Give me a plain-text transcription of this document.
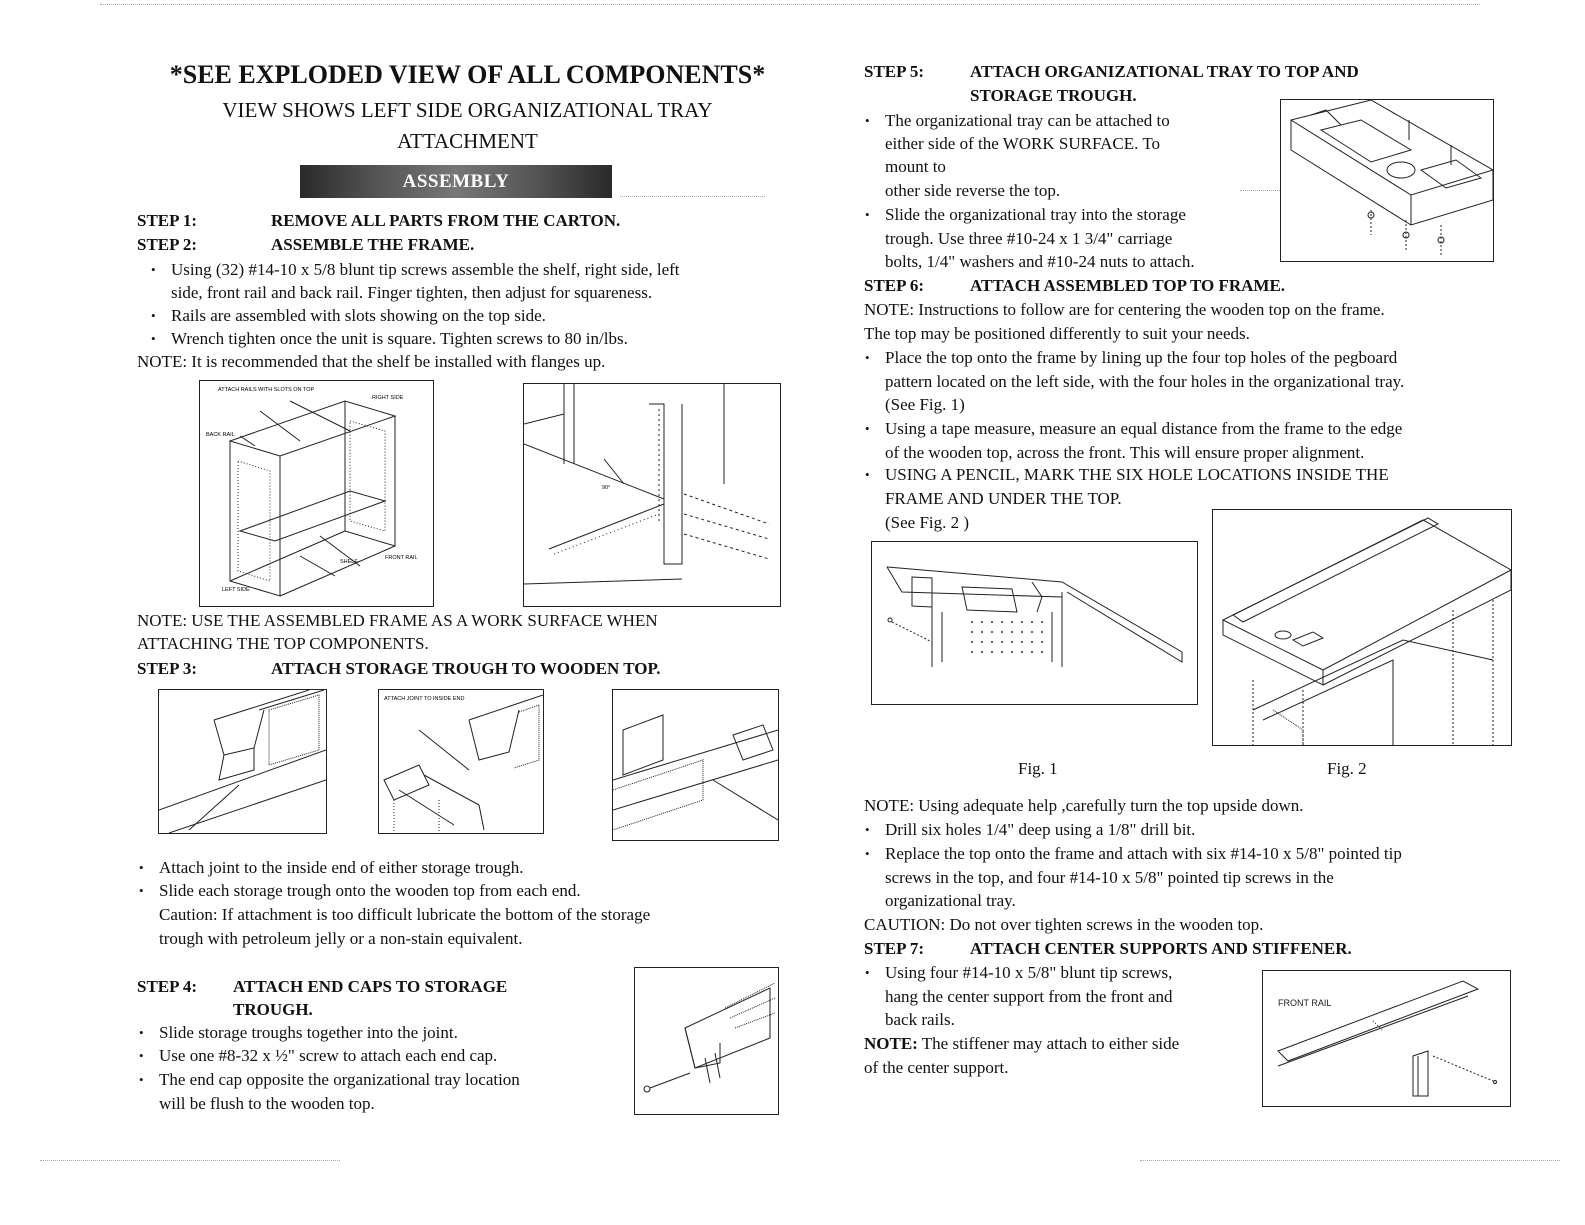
*SEE EXPLODED VIEW OF ALL COMPONENTS*
VIEW SHOWS LEFT SIDE ORGANIZATIONAL TRAY
ATTACHMENT
ASSEMBLY
STEP 1:	REMOVE ALL PARTS FROM THE CARTON.
STEP 2:	ASSEMBLE THE FRAME.
• Using (32) #14-10 x 5/8 blunt tip screws assemble the shelf, right side, left
side, front rail and back rail. Finger tighten, then adjust for squareness.
• Rails are assembled with slots showing on the top side.
• Wrench tighten once the unit is square. Tighten screws to 80 in/lbs.
NOTE: It is recommended that the shelf be installed with flanges up.
ATTACH RAILS WITH SLOTS ON TOP
RIGHT SIDE
BACK RAIL
SHELF
FRONT RAIL
LEFT SIDE
90°
NOTE: USE THE ASSEMBLED FRAME AS A WORK SURFACE WHEN
ATTACHING THE TOP COMPONENTS.
STEP 3:	ATTACH STORAGE TROUGH TO WOODEN TOP.
ATTACH JOINT TO INSIDE END
• Attach joint to the inside end of either storage trough.
• Slide each storage trough onto the wooden top from each end.
Caution: If attachment is too difficult lubricate the bottom of the storage
trough with petroleum jelly or a non-stain equivalent.
STEP 4: ATTACH END CAPS TO STORAGE
TROUGH.
• Slide storage troughs together into the joint.
• Use one #8-32 x ½" screw to attach each end cap.
• The end cap opposite the organizational tray location
will be flush to the wooden top.
STEP 5:	ATTACH ORGANIZATIONAL TRAY TO TOP AND
STORAGE TROUGH.
• The organizational tray can be attached to
either side of the WORK SURFACE. To
mount to
other side reverse the top.
• Slide the organizational tray into the storage
trough. Use three #10-24 x 1 3/4" carriage
bolts, 1/4" washers and #10-24 nuts to attach.
STEP 6:	ATTACH ASSEMBLED TOP TO FRAME.
NOTE: Instructions to follow are for centering the wooden top on the frame.
The top may be positioned differently to suit your needs.
• Place the top onto the frame by lining up the four top holes of the pegboard
pattern located on the left side, with the four holes in the organizational tray.
(See Fig. 1)
• Using a tape measure, measure an equal distance from the frame to the edge
of the wooden top, across the front. This will ensure proper alignment.
• USING A PENCIL, MARK THE SIX HOLE LOCATIONS INSIDE THE
FRAME AND UNDER THE TOP.
(See Fig. 2 )
Fig. 1	Fig. 2
NOTE: Using adequate help ,carefully turn the top upside down.
• Drill six holes 1/4" deep using a 1/8" drill bit.
• Replace the top onto the frame and attach with six #14-10 x 5/8" pointed tip
screws in the top, and four #14-10 x 5/8" pointed tip screws in the
organizational tray.
CAUTION: Do not over tighten screws in the wooden top.
STEP 7:	ATTACH CENTER SUPPORTS AND STIFFENER.
• Using four #14-10 x 5/8" blunt tip screws,
hang the center support from the front and
back rails.
NOTE: The stiffener may attach to either side
of the center support.
FRONT RAIL
